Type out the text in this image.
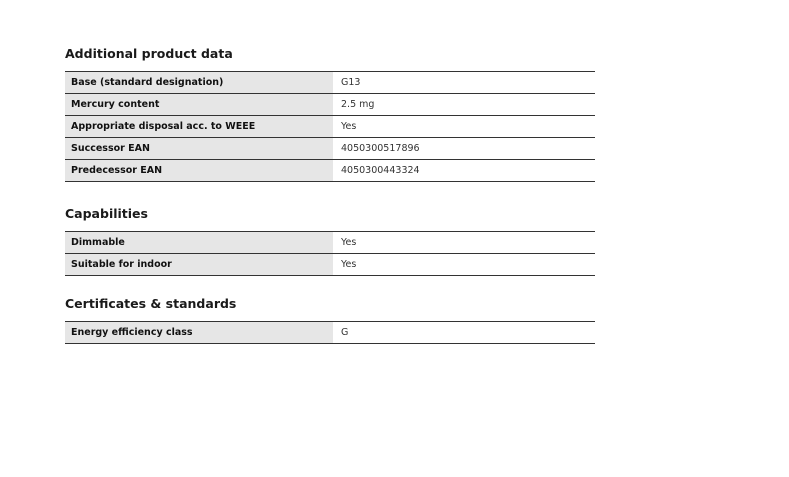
Additional product data
Base (standard designation)	G13
Mercury content	2.5 mg
Appropriate disposal acc. to WEEE	Yes
Successor EAN	4050300517896
Predecessor EAN	4050300443324
Capabilities
Dimmable	Yes
Suitable for indoor	Yes
Certificates & standards
Energy efficiency class	G
